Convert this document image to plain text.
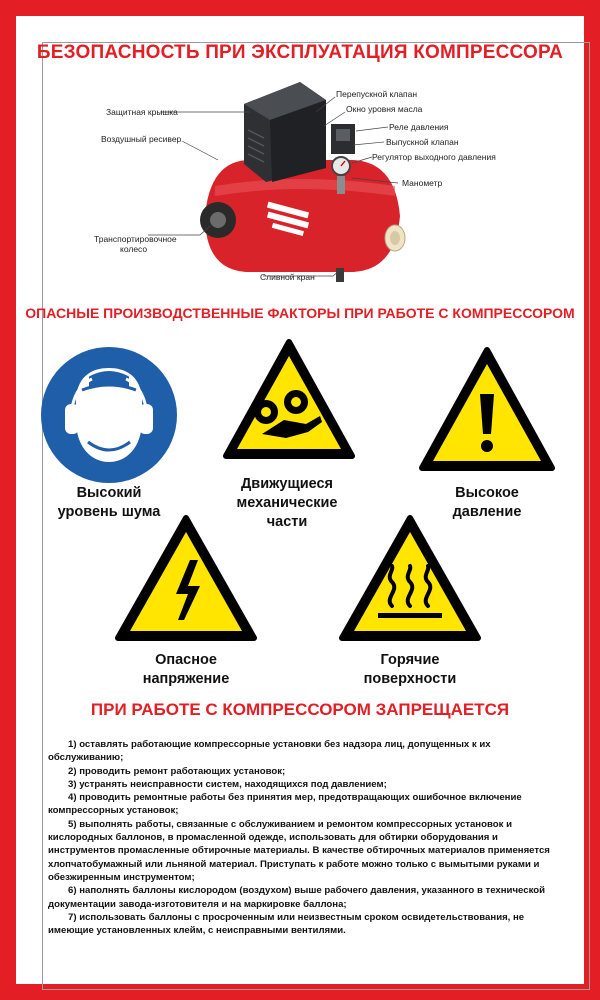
БЕЗОПАСНОСТЬ ПРИ ЭКСПЛУАТАЦИЯ КОМПРЕССОРА
Защитная крышка
Воздушный ресивер
Транспортировочное
колесо
Перепускной клапан
Окно уровня масла
Реле давления
Выпускной клапан
Регулятор выходного давления
Манометр
Сливной кран
ОПАСНЫЕ ПРОИЗВОДСТВЕННЫЕ ФАКТОРЫ ПРИ РАБОТЕ С КОМПРЕССОРОМ
Высокий
уровень шума
Движущиеся
механические
части
Высокое
давление
Опасное
напряжение
Горячие
поверхности
ПРИ РАБОТЕ С КОМПРЕССОРОМ ЗАПРЕЩАЕТСЯ

1) оставлять работающие компрессорные установки без надзора лиц, допущенных к их обслуживанию;

2) проводить ремонт работающих установок;

3) устранять неисправности систем, находящихся под давлением;

4) проводить ремонтные работы без принятия мер, предотвращающих ошибочное включение компрессорных установок;

5) выполнять работы, связанные с обслуживанием и ремонтом компрессорных установок и кислородных баллонов, в промасленной одежде, использовать для обтирки оборудования и инструментов промасленные обтирочные материалы. В качестве обтирочных материалов применяется хлопчатобумажный или льняной материал. Приступать к работе можно только с вымытыми руками и обезжиренным инструментом;

6) наполнять баллоны кислородом (воздухом) выше рабочего давления, указанного в технической документации завода-изготовителя и на маркировке баллона;

7) использовать баллоны с просроченным или неизвестным сроком освидетельствования, не имеющие установленных клейм, с неисправными вентилями.
